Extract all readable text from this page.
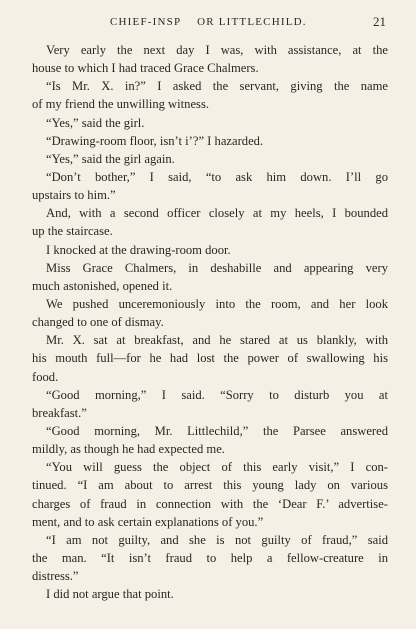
CHIEF-INSP    OR LITTLECHILD.	21
Very early the next day I was, with assistance, at the
house to which I had traced Grace Chalmers.
“Is Mr. X. in?” I asked the servant, giving the name
of my friend the unwilling witness.
“Yes,” said the girl.
“Drawing-room floor, isn’t i’?” I hazarded.
“Yes,” said the girl again.
“Don’t bother,” I said, “to ask him down. I’ll go
upstairs to him.”
And, with a second officer closely at my heels, I bounded
up the staircase.
I knocked at the drawing-room door.
Miss Grace Chalmers, in deshabille and appearing very
much astonished, opened it.
We pushed unceremoniously into the room, and her look
changed to one of dismay.
Mr. X. sat at breakfast, and he stared at us blankly, with
his mouth full—for he had lost the power of swallowing his
food.
“Good morning,” I said. “Sorry to disturb you at
breakfast.”
“Good morning, Mr. Littlechild,” the Parsee answered
mildly, as though he had expected me.
“You will guess the object of this early visit,” I con-
tinued. “I am about to arrest this young lady on various
charges of fraud in connection with the ‘Dear F.’ advertise-
ment, and to ask certain explanations of you.”
“I am not guilty, and she is not guilty of fraud,” said
the man. “It isn’t fraud to help a fellow-creature in
distress.”
I did not argue that point.
